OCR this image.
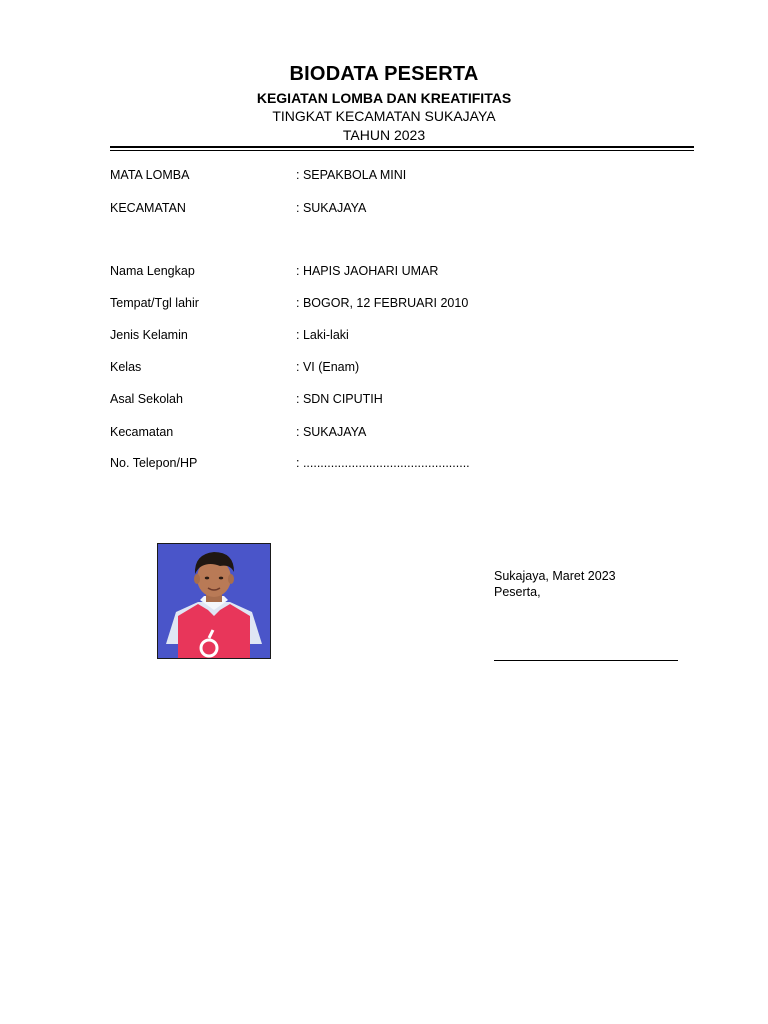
BIODATA PESERTA
KEGIATAN LOMBA DAN KREATIFITAS
TINGKAT KECAMATAN SUKAJAYA
TAHUN 2023
MATA LOMBA	: SEPAKBOLA MINI
KECAMATAN	: SUKAJAYA
Nama Lengkap	: HAPIS JAOHARI UMAR
Tempat/Tgl lahir	: BOGOR, 12 FEBRUARI 2010
Jenis Kelamin	: Laki-laki
Kelas	: VI (Enam)
Asal Sekolah	: SDN CIPUTIH
Kecamatan	: SUKAJAYA
No. Telepon/HP	: ................................................
Sukajaya, Maret 2023
Peserta,
